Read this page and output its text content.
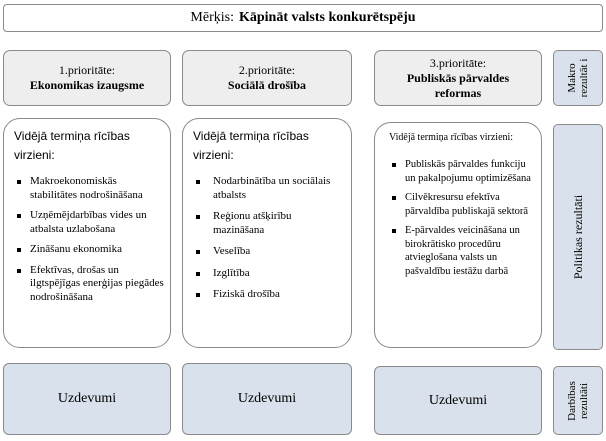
Mērķis: Kāpināt valsts konkurētspēju
1.prioritāte:
Ekonomikas izaugsme
2.prioritāte:
Sociālā drošība
3.prioritāte:
Publiskās pārvaldes reformas	Makro rezultāt i
Vidējā termiņa rīcības virzieni:
Makroekonomiskās stabilitātes nodrošināšana
Uzņēmējdarbības vides un atbalsta uzlabošana
Zināšanu ekonomika
Efektīvas, drošas un ilgtspējīgas enerģijas piegādes nodrošināšana
Vidējā termiņa rīcības virzieni:
Nodarbinātība un sociālais atbalsts
Reģionu atšķirību mazināšana
Veselība
Izglītība
Fiziskā drošība
Vidējā termiņa rīcības virzieni:
Publiskās pārvaldes funkciju un pakalpojumu optimizēšana
Cilvēkresursu efektīva pārvaldība publiskajā sektorā
E-pārvaldes veicināšana un birokrātisko procedūru atvieglošana valsts un pašvaldību iestāžu darbā	Politikas rezultāti
Uzdevumi	Uzdevumi	Uzdevumi	Darbības rezultāti
